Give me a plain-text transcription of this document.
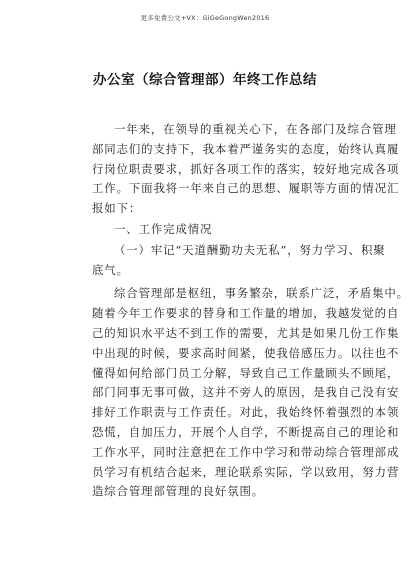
更多免费公文+VX：GiGeGongWen2016
办公室（综合管理部）年终工作总结
一年来，在领导的重视关心下，在各部门及综合管理
部同志们的支持下，我本着严谨务实的态度，始终认真履
行岗位职责要求，抓好各项工作的落实，较好地完成各项
工作。下面我将一年来自己的思想、履职等方面的情况汇
报如下：
一、工作完成情况
（一）牢记“天道酬勤功夫无私”，努力学习、积聚
底气。
综合管理部是枢纽，事务繁杂，联系广泛，矛盾集中。
随着今年工作要求的替身和工作量的增加，我越发觉的自
己的知识水平达不到工作的需要，尤其是如果几份工作集
中出现的时候，要求高时间紧，使我倍感压力。以往也不
懂得如何给部门员工分解，导致自己工作量顾头不顾尾，
部门同事无事可做，这并不旁人的原因，是我自己没有安
排好工作职责与工作责任。对此，我始终怀着强烈的本领
恐慌，自加压力，开展个人自学，不断提高自己的理论和
工作水平，同时注意把在工作中学习和带动综合管理部成
员学习有机结合起来，理论联系实际，学以致用，努力营
造综合管理部管理的良好氛围。
